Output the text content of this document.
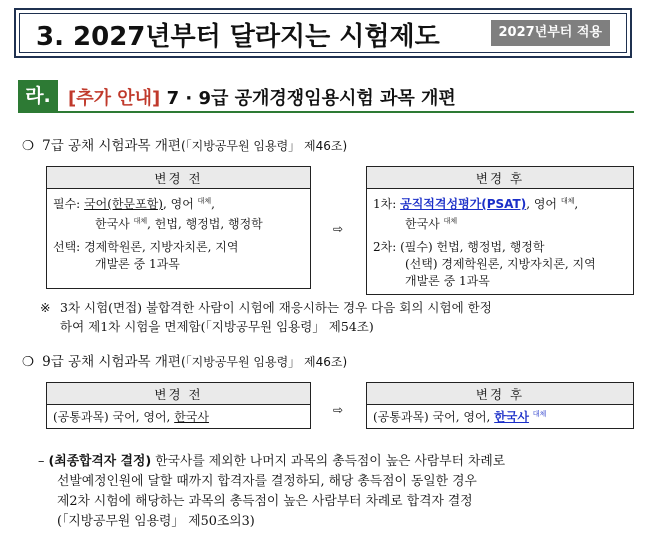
3. 2027년부터 달라지는 시험제도	2027년부터 적용
라. [추가 안내] 7 · 9급 공개경쟁임용시험 과목 개편
❍ 7급 공채 시험과목 개편(「지방공무원 임용령」 제46조)
변경 전

필수: 국어(한문포함), 영어 $^{대체}$,
한국사 $^{대체}$, 헌법, 행정법, 행정학
선택: 경제학원론, 지방자치론, 지역
개발론 중 1과목
⇨
변경 후

1차: 공직적격성평가(PSAT), 영어 $^{대체}$,
한국사 $^{대체}$
2차: (필수) 헌법, 행정법, 행정학
(선택) 경제학원론, 지방자치론, 지역
개발론 중 1과목
※ 3차 시험(면접) 불합격한 사람이 시험에 재응시하는 경우 다음 회의 시험에 한정
하여 제1차 시험을 면제함(「지방공무원 임용령」 제54조)
❍ 9급 공채 시험과목 개편(「지방공무원 임용령」 제46조)
변경 전
(공통과목) 국어, 영어, 한국사	⇨
변경 후
(공통과목) 국어, 영어, 한국사 $^{대체}$
– (최종합격자 결정) 한국사를 제외한 나머지 과목의 총득점이 높은 사람부터 차례로
선발예정인원에 달할 때까지 합격자를 결정하되, 해당 총득점이 동일한 경우
제2차 시험에 해당하는 과목의 총득점이 높은 사람부터 차례로 합격자 결정
(「지방공무원 임용령」 제50조의3)
